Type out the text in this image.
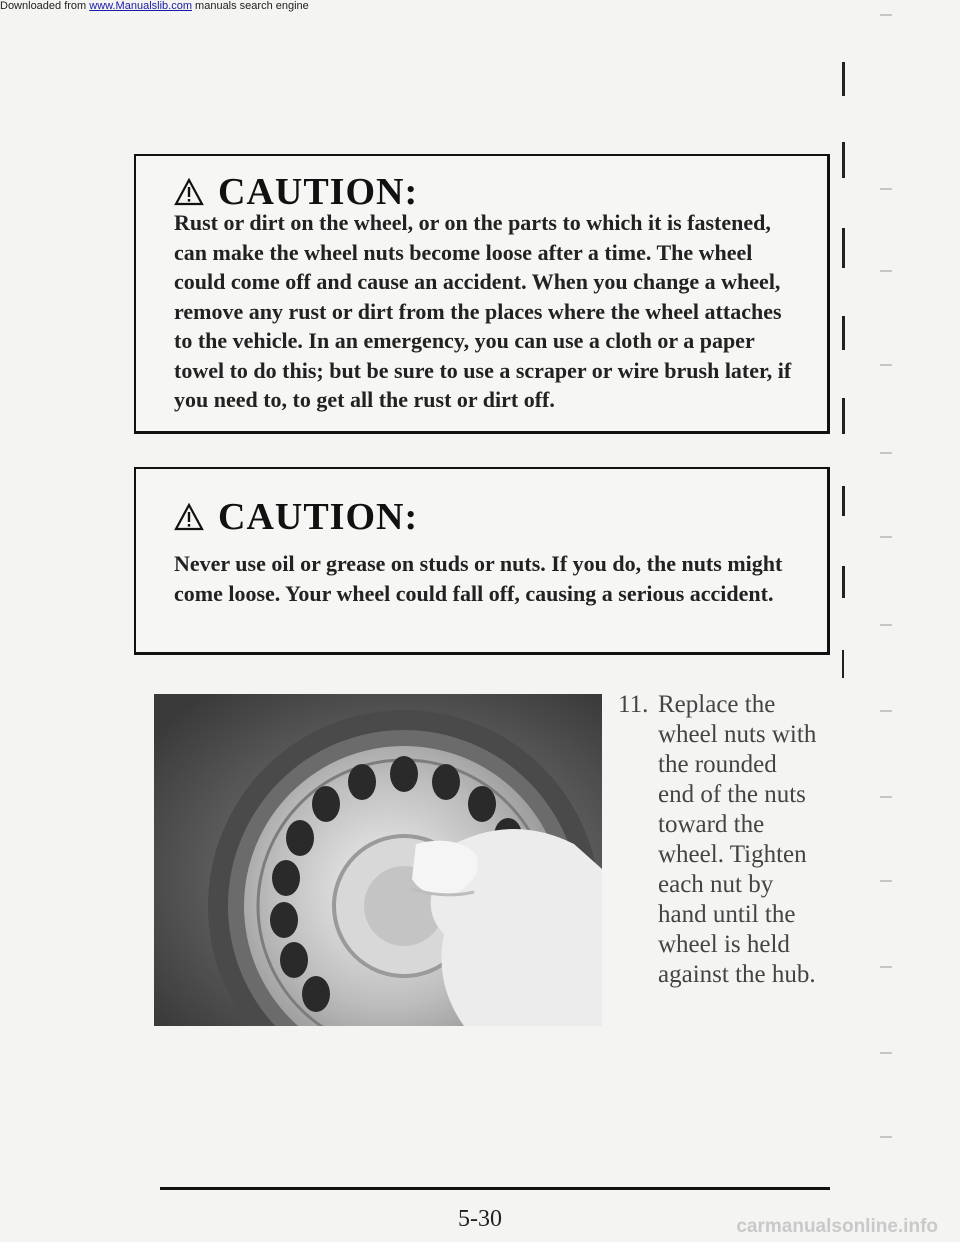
Downloaded from www.Manualslib.com manuals search engine
CAUTION:
Rust or dirt on the wheel, or on the parts to which it is fastened, can make the wheel nuts become loose after a time. The wheel could come off and cause an accident. When you change a wheel, remove any rust or dirt from the places where the wheel attaches to the vehicle. In an emergency, you can use a cloth or a paper towel to do this; but be sure to use a scraper or wire brush later, if you need to, to get all the rust or dirt off.
CAUTION:
Never use oil or grease on studs or nuts. If you do, the nuts might come loose. Your wheel could fall off, causing a serious accident.
11. Replace the wheel nuts with the rounded end of the nuts toward the wheel. Tighten each nut by hand until the wheel is held against the hub.
5-30	carmanualsonline.info
